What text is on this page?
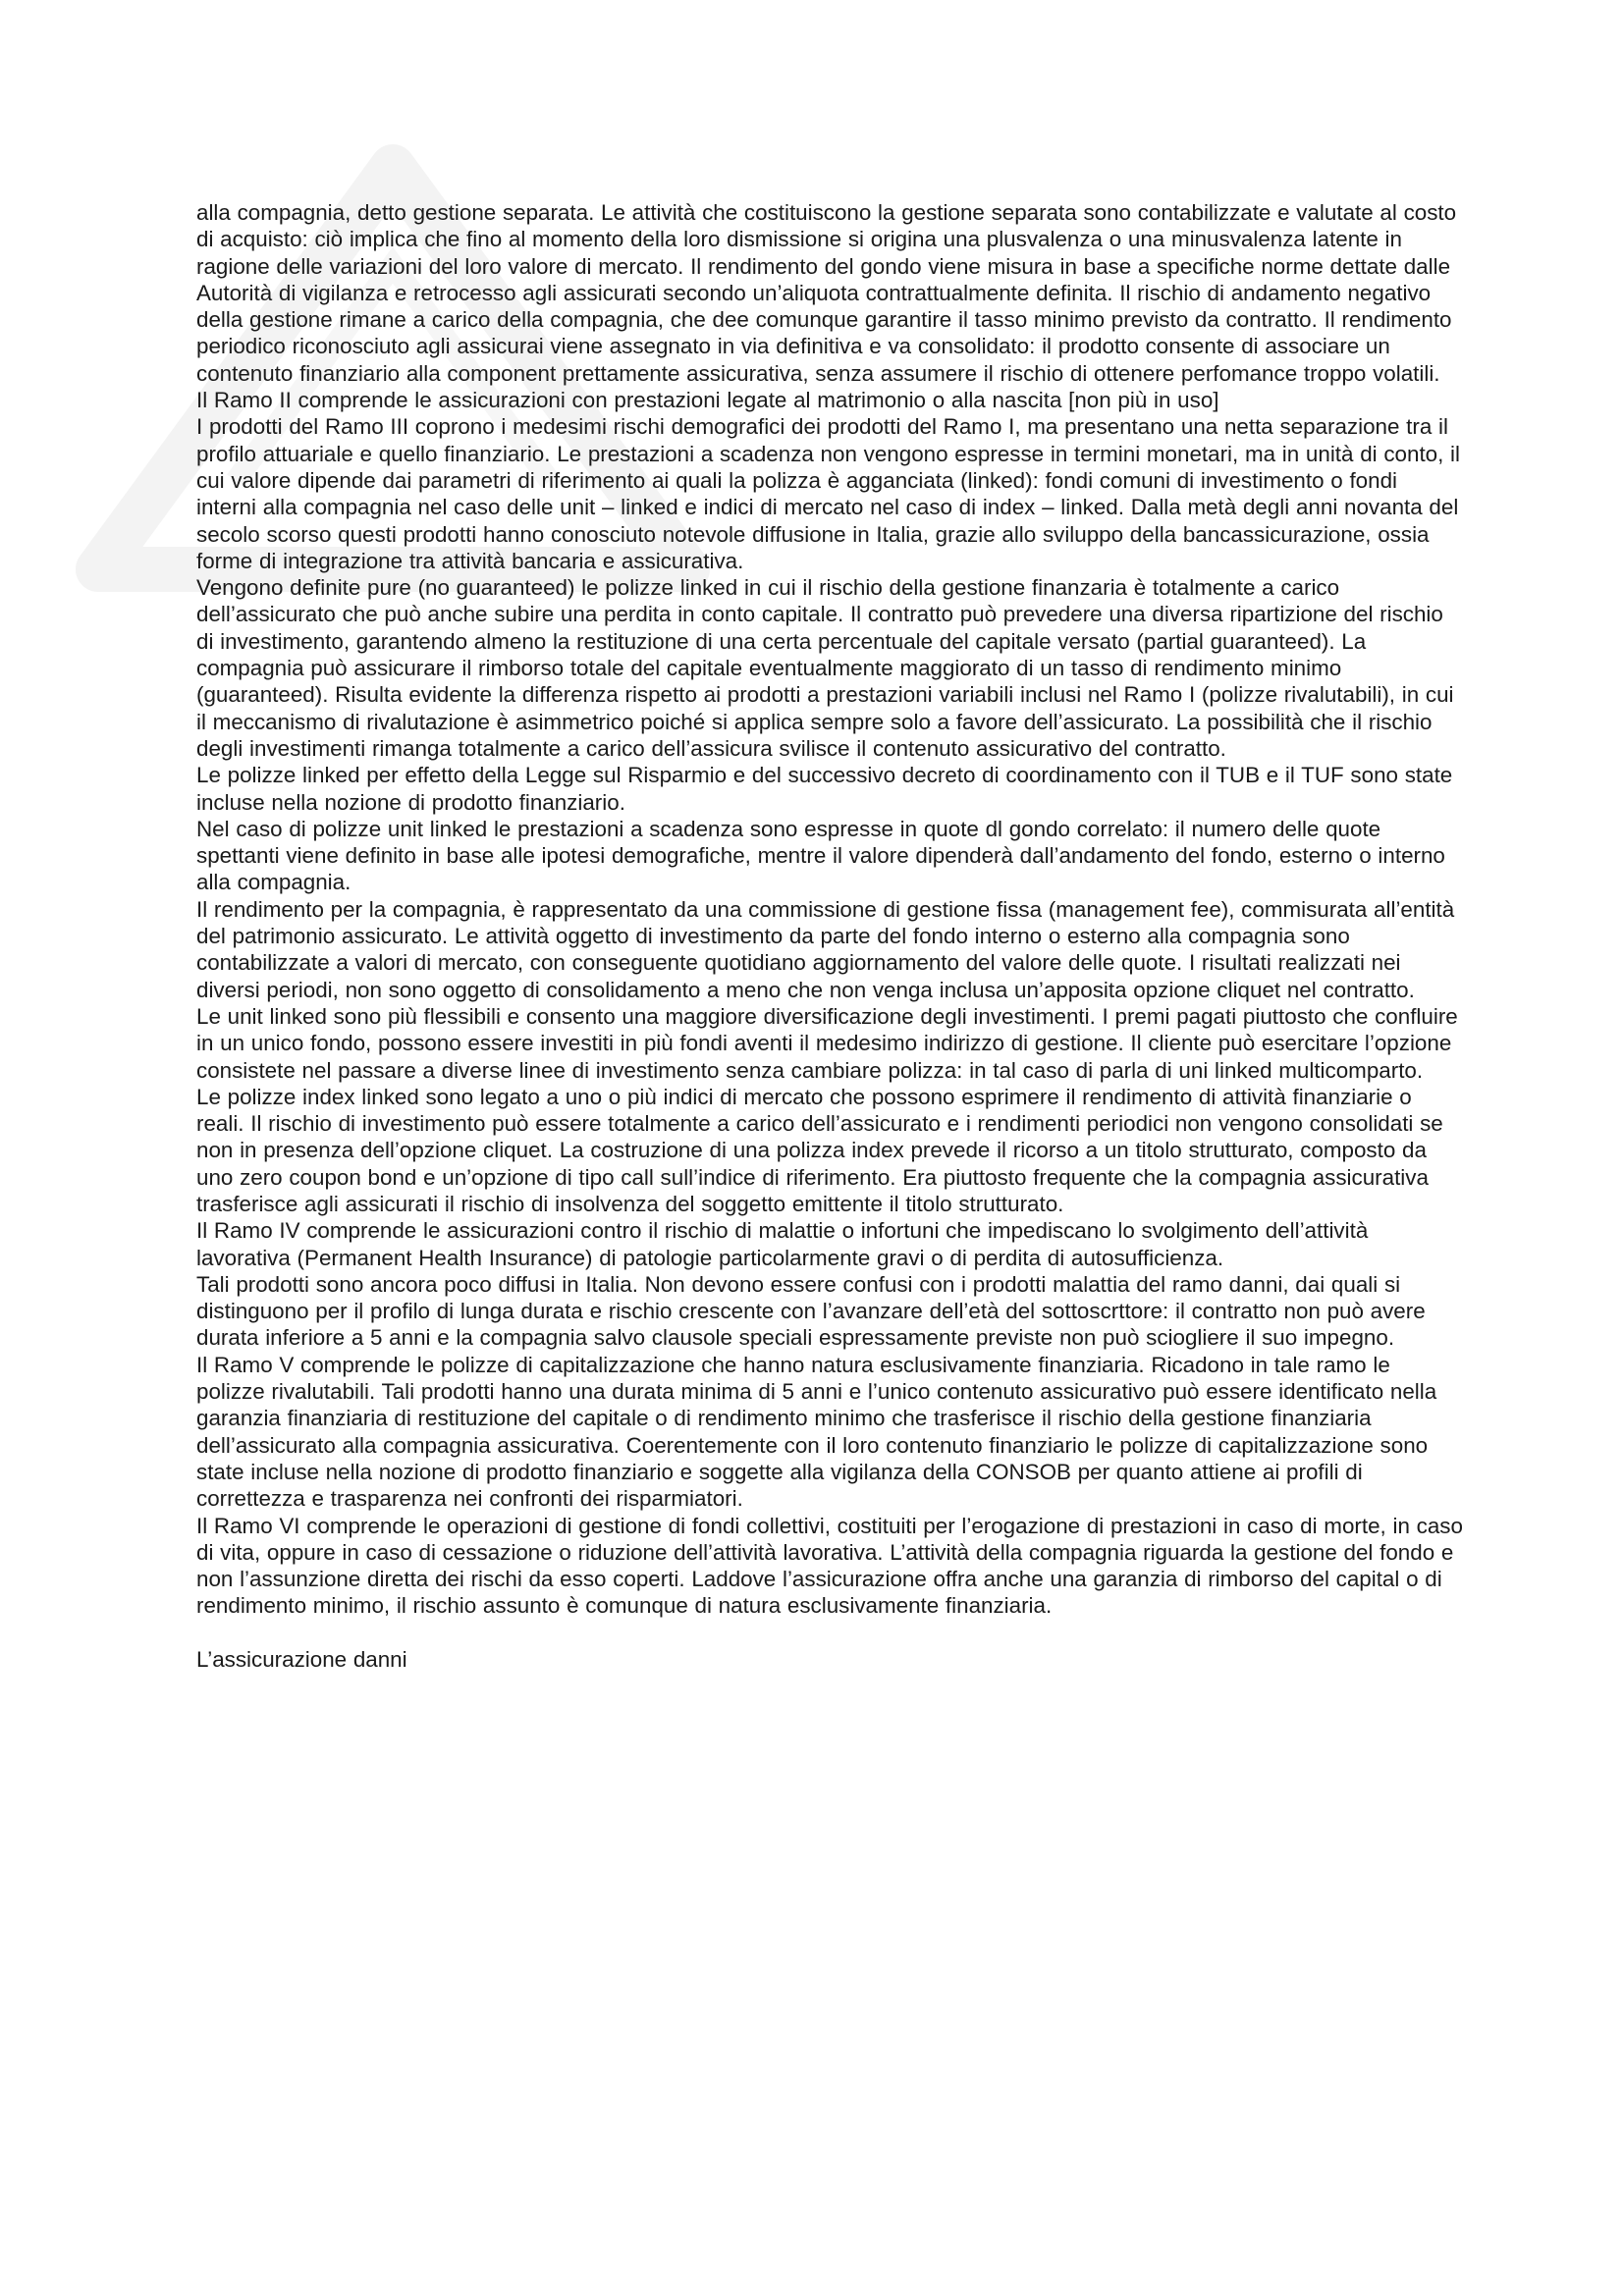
alla compagnia, detto gestione separata. Le attività che costituiscono la gestione separata sono contabilizzate e valutate al costo di acquisto: ciò implica che fino al momento della loro dismissione si origina una plusvalenza o una minusvalenza latente in ragione delle variazioni del loro valore di mercato. Il rendimento del gondo viene misura in base a specifiche norme dettate dalle Autorità di vigilanza e retrocesso agli assicurati secondo un’aliquota contrattualmente definita. Il rischio di andamento negativo della gestione rimane a carico della compagnia, che dee comunque garantire il tasso minimo previsto da contratto. Il rendimento periodico riconosciuto agli assicurai viene assegnato in via definitiva e va consolidato: il prodotto consente di associare un contenuto finanziario alla component prettamente assicurativa, senza assumere il rischio di ottenere perfomance troppo volatili.

Il Ramo II comprende le assicurazioni con prestazioni legate al matrimonio o alla nascita [non più in uso]

I prodotti del Ramo III coprono i medesimi rischi demografici dei prodotti del Ramo I, ma presentano una netta separazione tra il profilo attuariale e quello finanziario. Le prestazioni a scadenza non vengono espresse in termini monetari, ma in unità di conto, il cui valore dipende dai parametri di riferimento ai quali la polizza è agganciata (linked): fondi comuni di investimento o fondi interni alla compagnia nel caso delle unit – linked e indici di mercato nel caso di index – linked. Dalla metà degli anni novanta del secolo scorso questi prodotti hanno conosciuto notevole diffusione in Italia, grazie allo sviluppo della bancassicurazione, ossia forme di integrazione tra attività bancaria e assicurativa.

Vengono definite pure (no guaranteed) le polizze linked in cui il rischio della gestione finanzaria è totalmente a carico dell’assicurato che può anche subire una perdita in conto capitale. Il contratto può prevedere una diversa ripartizione del rischio di investimento, garantendo almeno la restituzione di una certa percentuale del capitale versato (partial guaranteed). La compagnia può assicurare il rimborso totale del capitale eventualmente maggiorato di un tasso di rendimento minimo (guaranteed). Risulta evidente la differenza rispetto ai prodotti a prestazioni variabili inclusi nel Ramo I (polizze rivalutabili), in cui il meccanismo di rivalutazione è asimmetrico poiché si applica sempre solo a favore dell’assicurato. La possibilità che il rischio degli investimenti rimanga totalmente a carico dell’assicura svilisce il contenuto assicurativo del contratto.

Le polizze linked per effetto della Legge sul Risparmio e del successivo decreto di coordinamento con il TUB e il TUF sono state incluse nella nozione di prodotto finanziario.

Nel caso di polizze unit linked le prestazioni a scadenza sono espresse in quote dl gondo correlato: il numero delle quote spettanti viene definito in base alle ipotesi demografiche, mentre il valore dipenderà dall’andamento del fondo, esterno o interno alla compagnia.

Il rendimento per la compagnia, è rappresentato da una commissione di gestione fissa (management fee), commisurata all’entità del patrimonio assicurato. Le attività oggetto di investimento da parte del fondo interno o esterno alla compagnia sono contabilizzate a valori di mercato, con conseguente quotidiano aggiornamento del valore delle quote. I risultati realizzati nei diversi periodi, non sono oggetto di consolidamento a meno che non venga inclusa un’apposita opzione cliquet nel contratto.

Le unit linked sono più flessibili e consento una maggiore diversificazione degli investimenti. I premi pagati piuttosto che confluire in un unico fondo, possono essere investiti in più fondi aventi il medesimo indirizzo di gestione. Il cliente può esercitare l’opzione consistete nel passare a diverse linee di investimento senza cambiare polizza: in tal caso di parla di uni linked multicomparto.

Le polizze index linked sono legato a uno o più indici di mercato che possono esprimere il rendimento di attività finanziarie o reali. Il rischio di investimento può essere totalmente a carico dell’assicurato e i rendimenti periodici non vengono consolidati se non in presenza dell’opzione cliquet. La costruzione di una polizza index prevede il ricorso a un titolo strutturato, composto da uno zero coupon bond e un’opzione di tipo call sull’indice di riferimento. Era piuttosto frequente che la compagnia assicurativa trasferisce agli assicurati il rischio di insolvenza del soggetto emittente il titolo strutturato.

Il Ramo IV comprende le assicurazioni contro il rischio di malattie o infortuni che impediscano lo svolgimento dell’attività lavorativa (Permanent Health Insurance) di patologie particolarmente gravi o di perdita di autosufficienza.

Tali prodotti sono ancora poco diffusi in Italia. Non devono essere confusi con i prodotti malattia del ramo danni, dai quali si distinguono per il profilo di lunga durata e rischio crescente con l’avanzare dell’età del sottoscrttore: il contratto non può avere durata inferiore a 5 anni e la compagnia salvo clausole speciali espressamente previste non può sciogliere il suo impegno.

Il Ramo V comprende le polizze di capitalizzazione che hanno natura esclusivamente finanziaria. Ricadono in tale ramo le polizze rivalutabili. Tali prodotti hanno una durata minima di 5 anni e l’unico contenuto assicurativo può essere identificato nella garanzia finanziaria di restituzione del capitale o di rendimento minimo che trasferisce il rischio della gestione finanziaria dell’assicurato alla compagnia assicurativa. Coerentemente con il loro contenuto finanziario le polizze di capitalizzazione sono state incluse nella nozione di prodotto finanziario e soggette alla vigilanza della CONSOB per quanto attiene ai profili di correttezza e trasparenza nei confronti dei risparmiatori.

Il Ramo VI comprende le operazioni di gestione di fondi collettivi, costituiti per l’erogazione di prestazioni in caso di morte, in caso di vita, oppure in caso di cessazione o riduzione dell’attività lavorativa. L’attività della compagnia riguarda la gestione del fondo e non l’assunzione diretta dei rischi da esso coperti. Laddove l’assicurazione offra anche una garanzia di rimborso del capital o di rendimento minimo, il rischio assunto è comunque di natura esclusivamente finanziaria.

L’assicurazione danni
